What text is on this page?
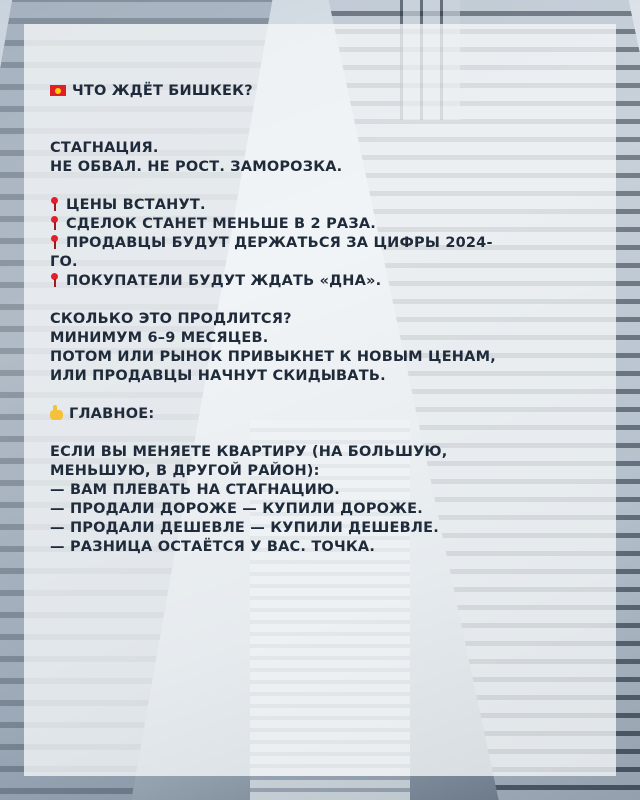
ЧТО ЖДЁТ БИШКЕК?
СТАГНАЦИЯ.
НЕ ОБВАЛ. НЕ РОСТ. ЗАМОРОЗКА.
ЦЕНЫ ВСТАНУТ.
СДЕЛОК СТАНЕТ МЕНЬШЕ В 2 РАЗА.
ПРОДАВЦЫ БУДУТ ДЕРЖАТЬСЯ ЗА ЦИФРЫ 2024-
ГО.
ПОКУПАТЕЛИ БУДУТ ЖДАТЬ «ДНА».
СКОЛЬКО ЭТО ПРОДЛИТСЯ?
МИНИМУМ 6–9 МЕСЯЦЕВ.
ПОТОМ ИЛИ РЫНОК ПРИВЫКНЕТ К НОВЫМ ЦЕНАМ,
ИЛИ ПРОДАВЦЫ НАЧНУТ СКИДЫВАТЬ.
ГЛАВНОЕ:
ЕСЛИ ВЫ МЕНЯЕТЕ КВАРТИРУ (НА БОЛЬШУЮ,
МЕНЬШУЮ, В ДРУГОЙ РАЙОН):
— ВАМ ПЛЕВАТЬ НА СТАГНАЦИЮ.
— ПРОДАЛИ ДОРОЖЕ — КУПИЛИ ДОРОЖЕ.
— ПРОДАЛИ ДЕШЕВЛЕ — КУПИЛИ ДЕШЕВЛЕ.
— РАЗНИЦА ОСТАЁТСЯ У ВАС. ТОЧКА.
